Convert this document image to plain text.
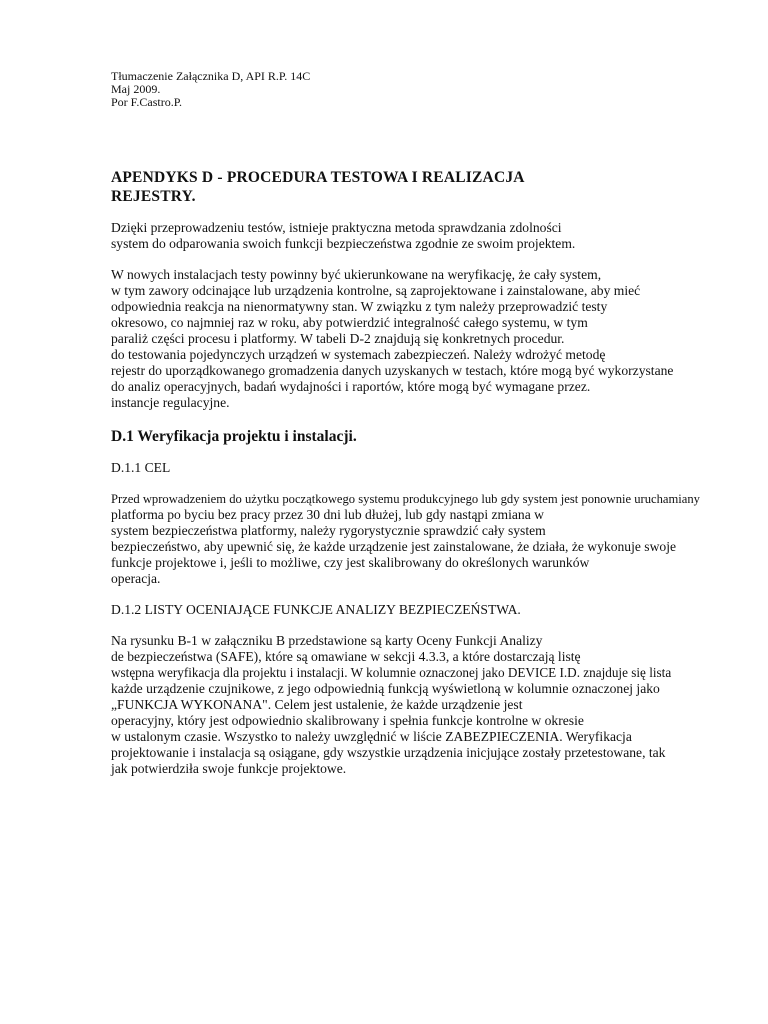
Tłumaczenie Załącznika D, API R.P. 14C
Maj 2009.
Por F.Castro.P.
APENDYKS D - PROCEDURA TESTOWA I REALIZACJA
REJESTRY.
Dzięki przeprowadzeniu testów, istnieje praktyczna metoda sprawdzania zdolności
system do odparowania swoich funkcji bezpieczeństwa zgodnie ze swoim projektem.
W nowych instalacjach testy powinny być ukierunkowane na weryfikację, że cały system,
w tym zawory odcinające lub urządzenia kontrolne, są zaprojektowane i zainstalowane, aby mieć
odpowiednia reakcja na nienormatywny stan. W związku z tym należy przeprowadzić testy
okresowo, co najmniej raz w roku, aby potwierdzić integralność całego systemu, w tym
paraliż części procesu i platformy. W tabeli D-2 znajdują się konkretnych procedur.
do testowania pojedynczych urządzeń w systemach zabezpieczeń. Należy wdrożyć metodę
rejestr do uporządkowanego gromadzenia danych uzyskanych w testach, które mogą być wykorzystane
do analiz operacyjnych, badań wydajności i raportów, które mogą być wymagane przez.
instancje regulacyjne.
D.1 Weryfikacja projektu i instalacji.
D.1.1 CEL
Przed wprowadzeniem do użytku początkowego systemu produkcyjnego lub gdy system jest ponownie uruchamiany
platforma po byciu bez pracy przez 30 dni lub dłużej, lub gdy nastąpi zmiana w
system bezpieczeństwa platformy, należy rygorystycznie sprawdzić cały system
bezpieczeństwo, aby upewnić się, że każde urządzenie jest zainstalowane, że działa, że wykonuje swoje
funkcje projektowe i, jeśli to możliwe, czy jest skalibrowany do określonych warunków
operacja.
D.1.2 LISTY OCENIAJĄCE FUNKCJE ANALIZY BEZPIECZEŃSTWA.
Na rysunku B-1 w załączniku B przedstawione są karty Oceny Funkcji Analizy
de bezpieczeństwa (SAFE), które są omawiane w sekcji 4.3.3, a które dostarczają listę
wstępna weryfikacja dla projektu i instalacji. W kolumnie oznaczonej jako DEVICE I.D. znajduje się lista
każde urządzenie czujnikowe, z jego odpowiednią funkcją wyświetloną w kolumnie oznaczonej jako
„FUNKCJA WYKONANA". Celem jest ustalenie, że każde urządzenie jest
operacyjny, który jest odpowiednio skalibrowany i spełnia funkcje kontrolne w okresie
w ustalonym czasie. Wszystko to należy uwzględnić w liście ZABEZPIECZENIA. Weryfikacja
projektowanie i instalacja są osiągane, gdy wszystkie urządzenia inicjujące zostały przetestowane, tak
jak potwierdziła swoje funkcje projektowe.
